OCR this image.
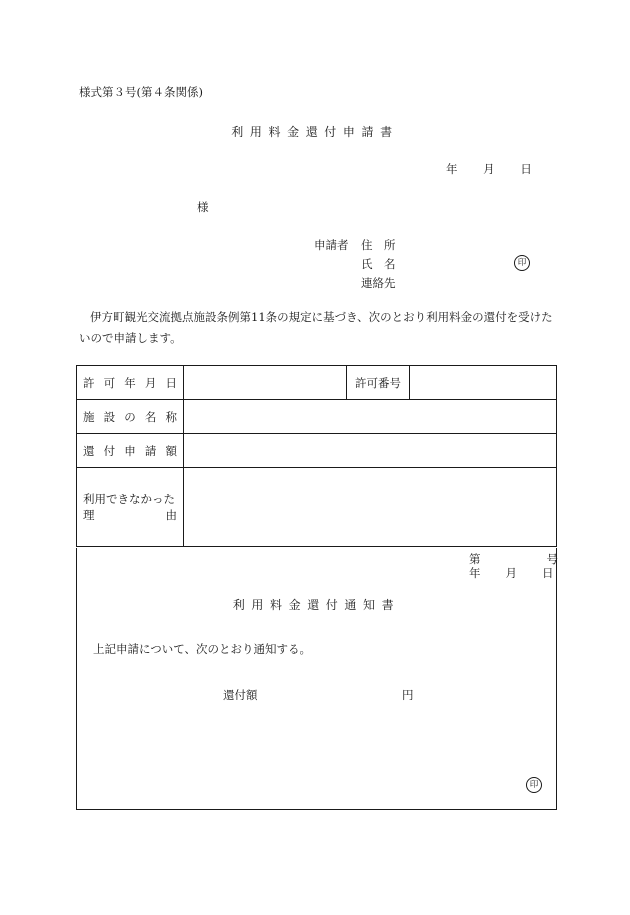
様式第３号(第４条関係)
利用料金還付申請書
年 月 日
様
申請者 住　所
氏　名
連絡先
印
伊方町観光交流拠点施設条例第11条の規定に基づき、次のとおり利用料金の還付を受けたいので申請します。
許 可 年 月 日		許可番号	

施 設 の 名 称			

還 付 申 請 額			

利用できなかった
理 由			

第	号
年 月 日
利用料金還付通知書
上記申請について、次のとおり通知する。
還付額	円
印
